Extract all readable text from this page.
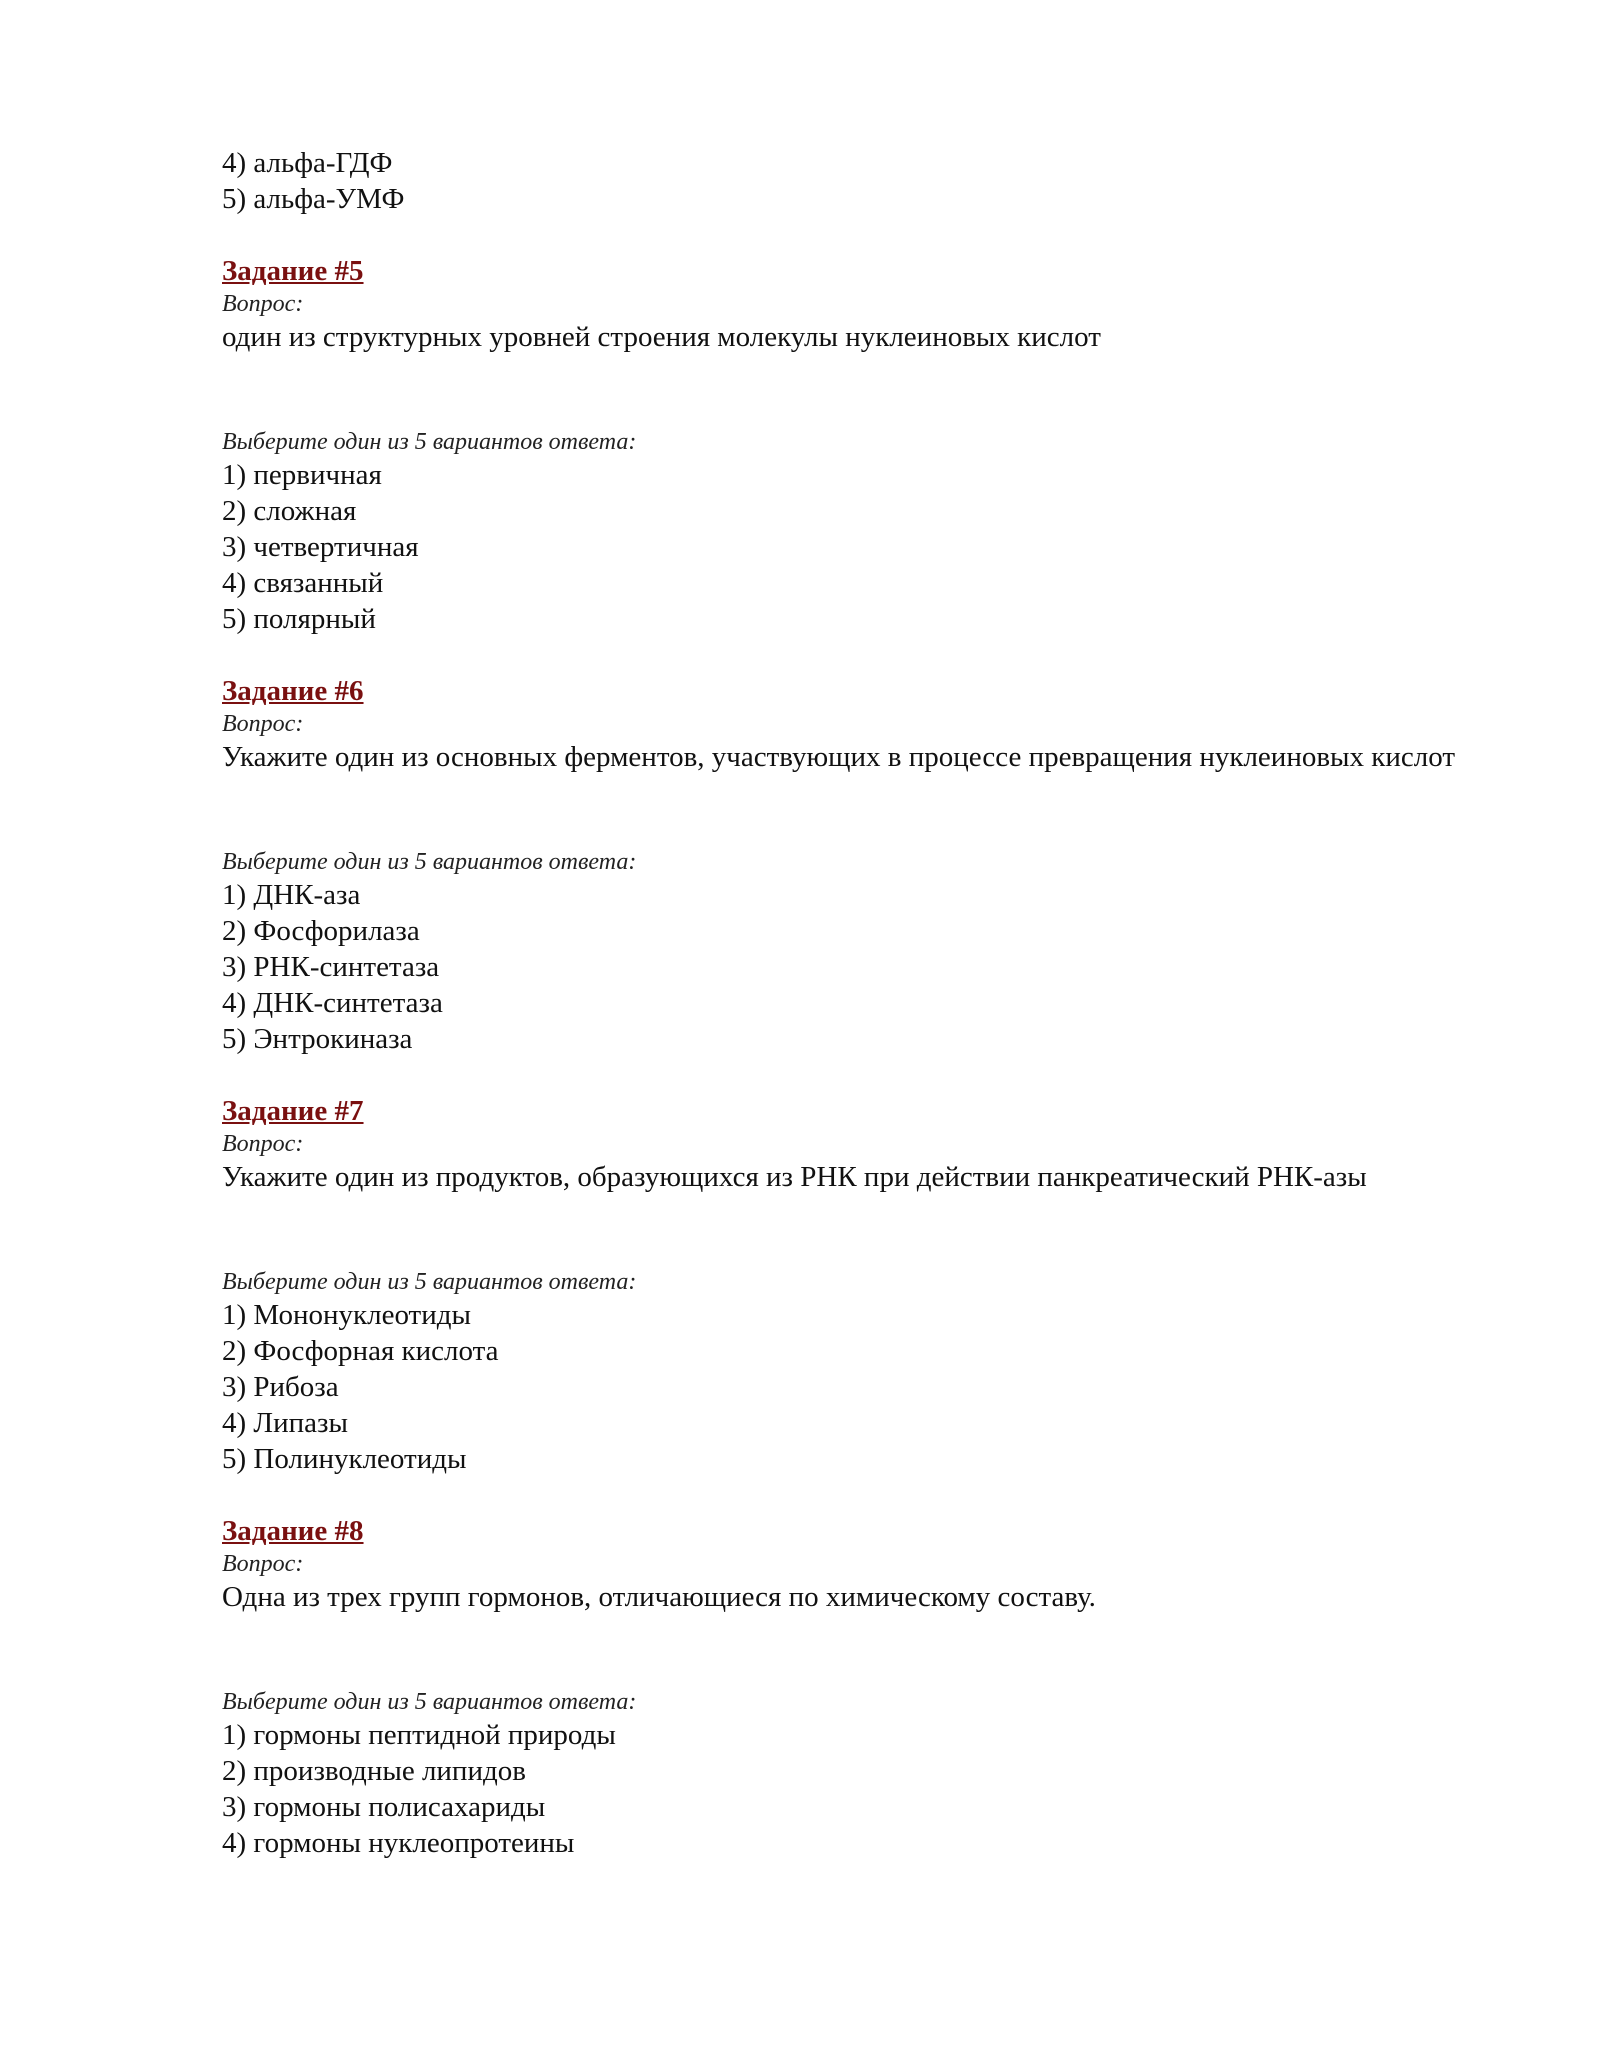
4) альфа-ГДФ
5) альфа-УМФ
Задание #5
Вопрос:
один из структурных уровней строения молекулы нуклеиновых кислот
Выберите один из 5 вариантов ответа:
1) первичная
2) сложная
3) четвертичная
4) связанный
5) полярный
Задание #6
Вопрос:
Укажите один из основных ферментов, участвующих в процессе превращения нуклеиновых кислот
Выберите один из 5 вариантов ответа:
1) ДНК-аза
2) Фосфорилаза
3) РНК-синтетаза
4) ДНК-синтетаза
5) Энтрокиназа
Задание #7
Вопрос:
Укажите один из продуктов, образующихся из РНК при действии панкреатический РНК-азы
Выберите один из 5 вариантов ответа:
1) Мононуклеотиды
2) Фосфорная кислота
3) Рибоза
4) Липазы
5) Полинуклеотиды
Задание #8
Вопрос:
Одна из трех групп гормонов, отличающиеся по химическому составу.
Выберите один из 5 вариантов ответа:
1) гормоны пептидной природы
2) производные липидов
3) гормоны полисахариды
4) гормоны нуклеопротеины
